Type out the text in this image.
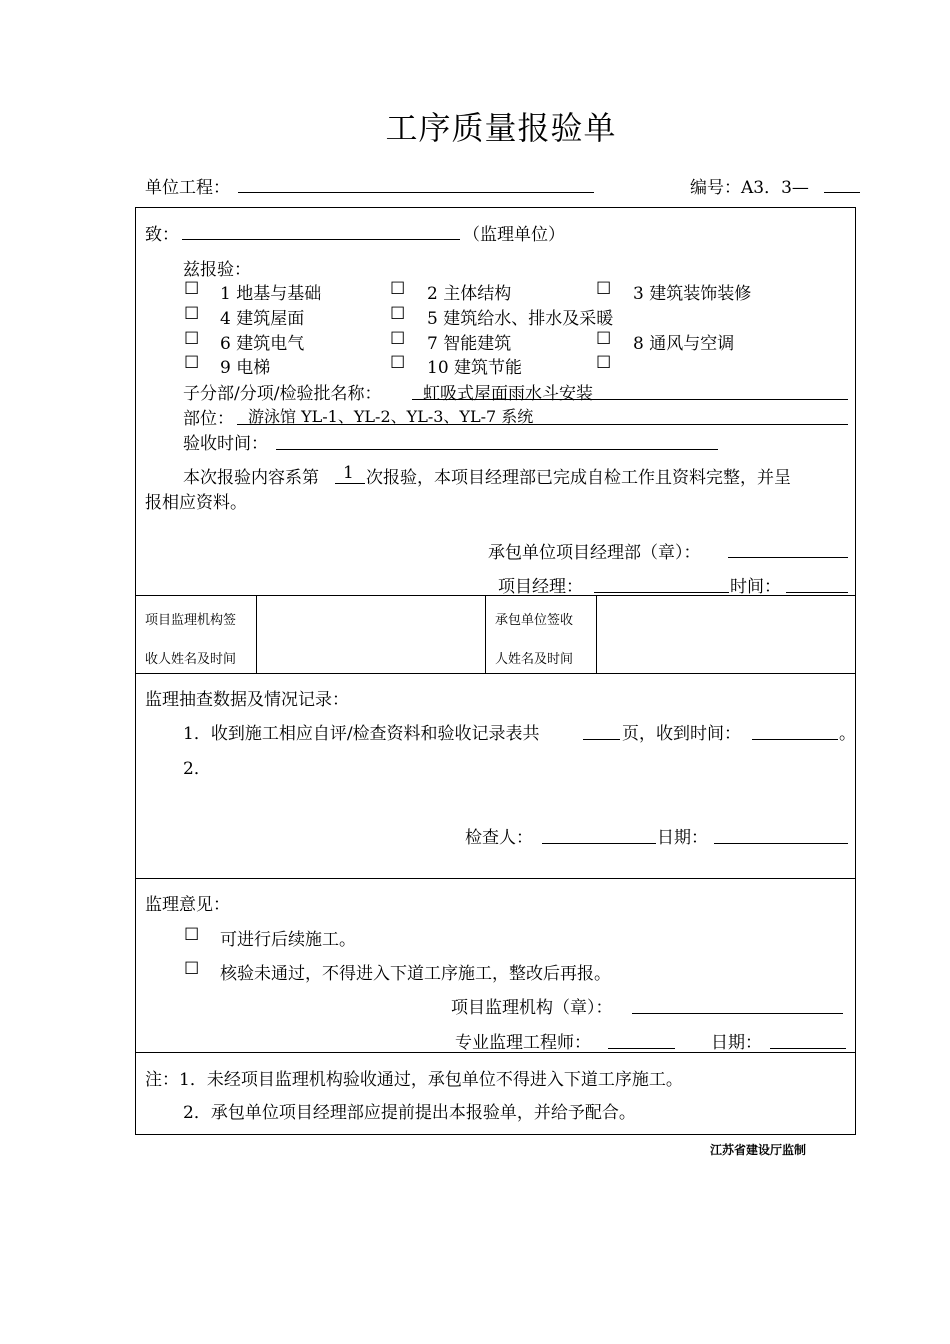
工序质量报验单
单位工程：	编号：A3．3—
致：	（监理单位）
兹报验：
☐ 1 地基与基础	☐ 2 主体结构	☐ 3 建筑装饰装修
☐ 4 建筑屋面	☐ 5 建筑给水、排水及采暖
☐ 6 建筑电气	☐ 7 智能建筑	☐ 8 通风与空调
☐ 9 电梯	☐ 10 建筑节能	☐
子分部/分项/检验批名称： 虹吸式屋面雨水斗安装
部位： 游泳馆 YL-1、YL-2、YL-3、YL-7 系统
验收时间：
本次报验内容系第 1 次报验，本项目经理部已完成自检工作且资料完整，并呈
报相应资料。
承包单位项目经理部（章）：
项目经理：	时间：
项目监理机构签
收人姓名及时间
承包单位签收
人姓名及时间
监理抽查数据及情况记录：
1．收到施工相应自评/检查资料和验收记录表共	页，收到时间：	。
2．
检查人：	日期：
监理意见：
☐ 可进行后续施工。
☐ 核验未通过，不得进入下道工序施工，整改后再报。
项目监理机构（章）：
专业监理工程师：	日期：
注：1．未经项目监理机构验收通过，承包单位不得进入下道工序施工。
2．承包单位项目经理部应提前提出本报验单，并给予配合。
江苏省建设厅监制
